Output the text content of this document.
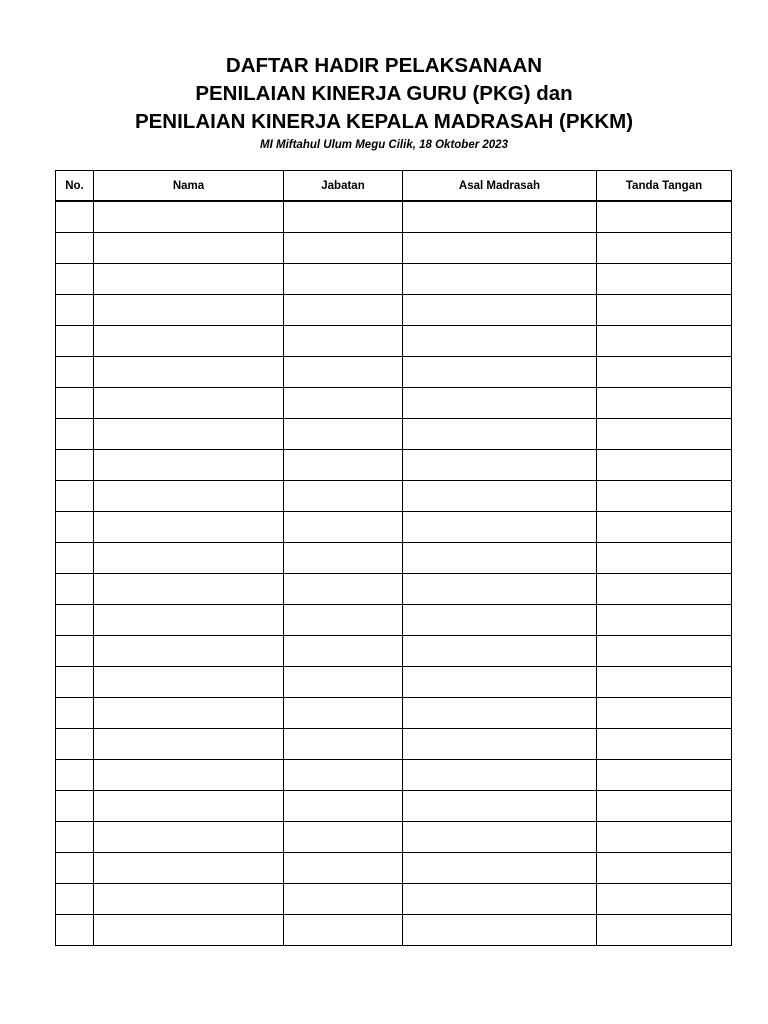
DAFTAR HADIR PELAKSANAAN
PENILAIAN KINERJA GURU (PKG) dan
PENILAIAN KINERJA KEPALA MADRASAH (PKKM)
MI Miftahul Ulum Megu Cilik, 18 Oktober 2023
No.	Nama	Jabatan	Asal Madrasah	Tanda Tangan
